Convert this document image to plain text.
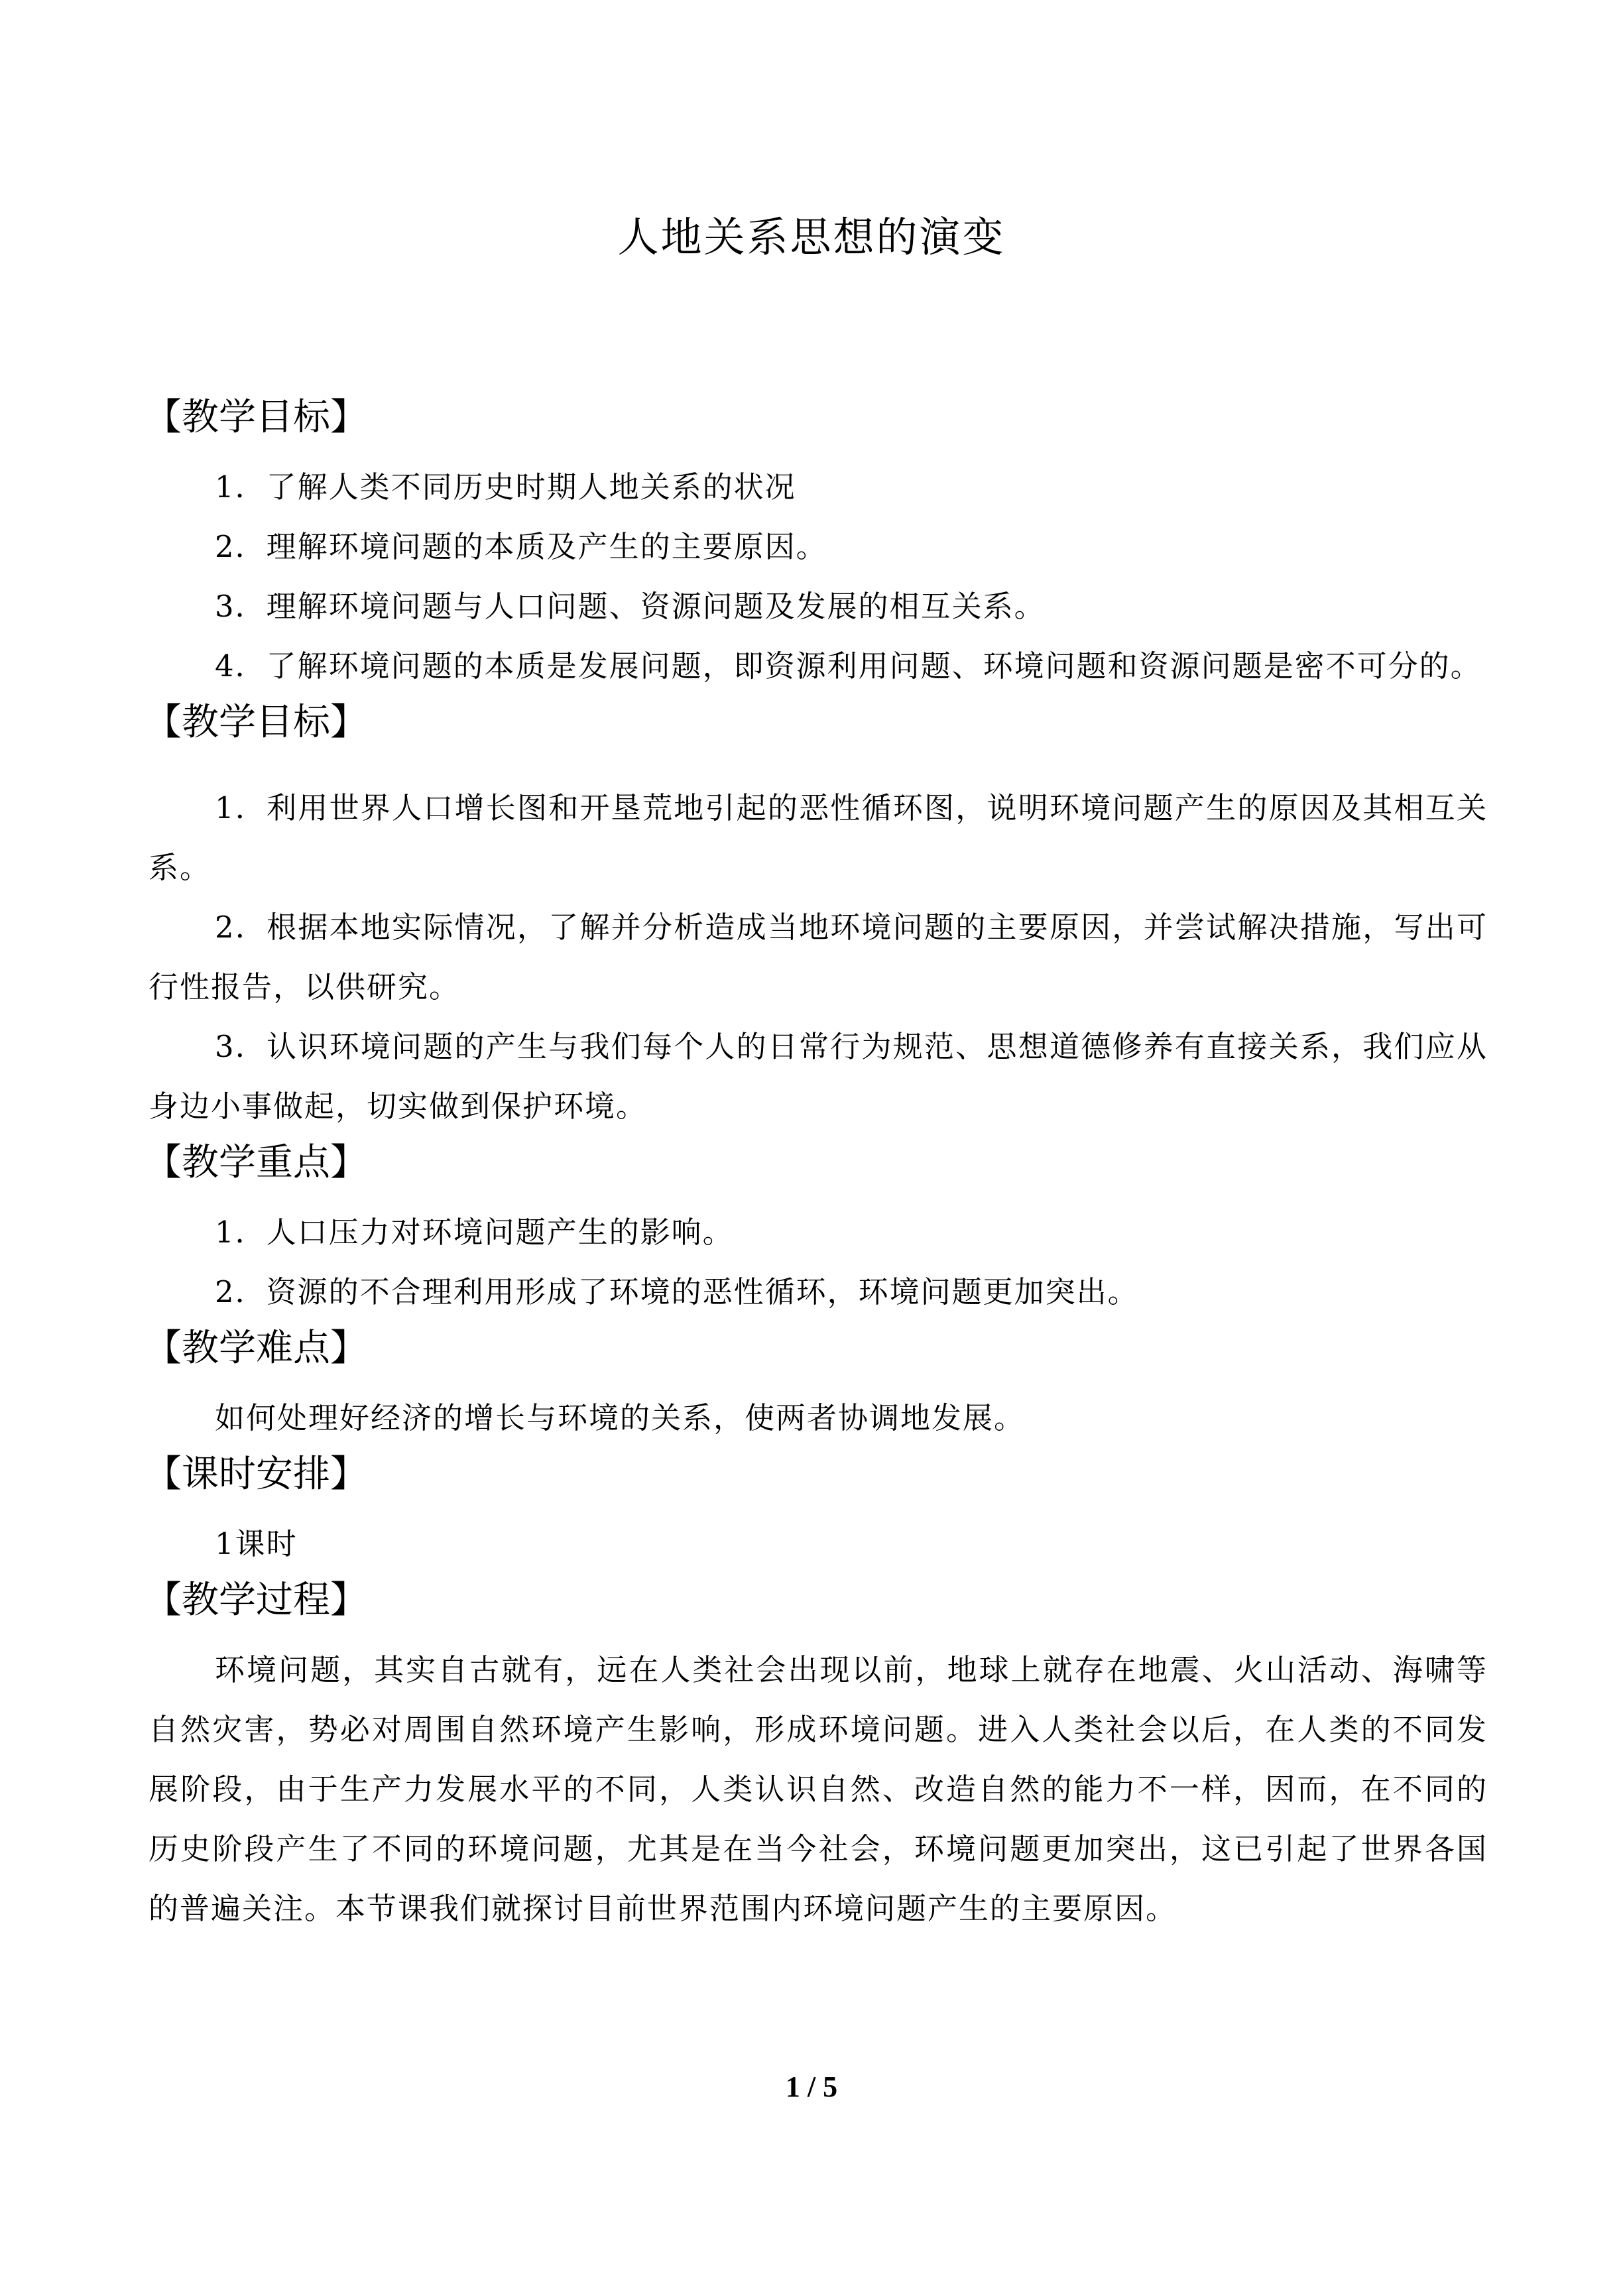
人地关系思想的演变
【教学目标】
1．了解人类不同历史时期人地关系的状况
2．理解环境问题的本质及产生的主要原因。
3．理解环境问题与人口问题、资源问题及发展的相互关系。
4．了解环境问题的本质是发展问题，即资源利用问题、环境问题和资源问题是密不可分的。
【教学目标】
1．利用世界人口增长图和开垦荒地引起的恶性循环图，说明环境问题产生的原因及其相互关系。
2．根据本地实际情况，了解并分析造成当地环境问题的主要原因，并尝试解决措施，写出可行性报告，以供研究。
3．认识环境问题的产生与我们每个人的日常行为规范、思想道德修养有直接关系，我们应从身边小事做起，切实做到保护环境。
【教学重点】
1．人口压力对环境问题产生的影响。
2．资源的不合理利用形成了环境的恶性循环，环境问题更加突出。
【教学难点】
如何处理好经济的增长与环境的关系，使两者协调地发展。
【课时安排】
1课时
【教学过程】
环境问题，其实自古就有，远在人类社会出现以前，地球上就存在地震、火山活动、海啸等自然灾害，势必对周围自然环境产生影响，形成环境问题。进入人类社会以后，在人类的不同发展阶段，由于生产力发展水平的不同，人类认识自然、改造自然的能力不一样，因而，在不同的历史阶段产生了不同的环境问题，尤其是在当今社会，环境问题更加突出，这已引起了世界各国的普遍关注。本节课我们就探讨目前世界范围内环境问题产生的主要原因。
1 / 5
